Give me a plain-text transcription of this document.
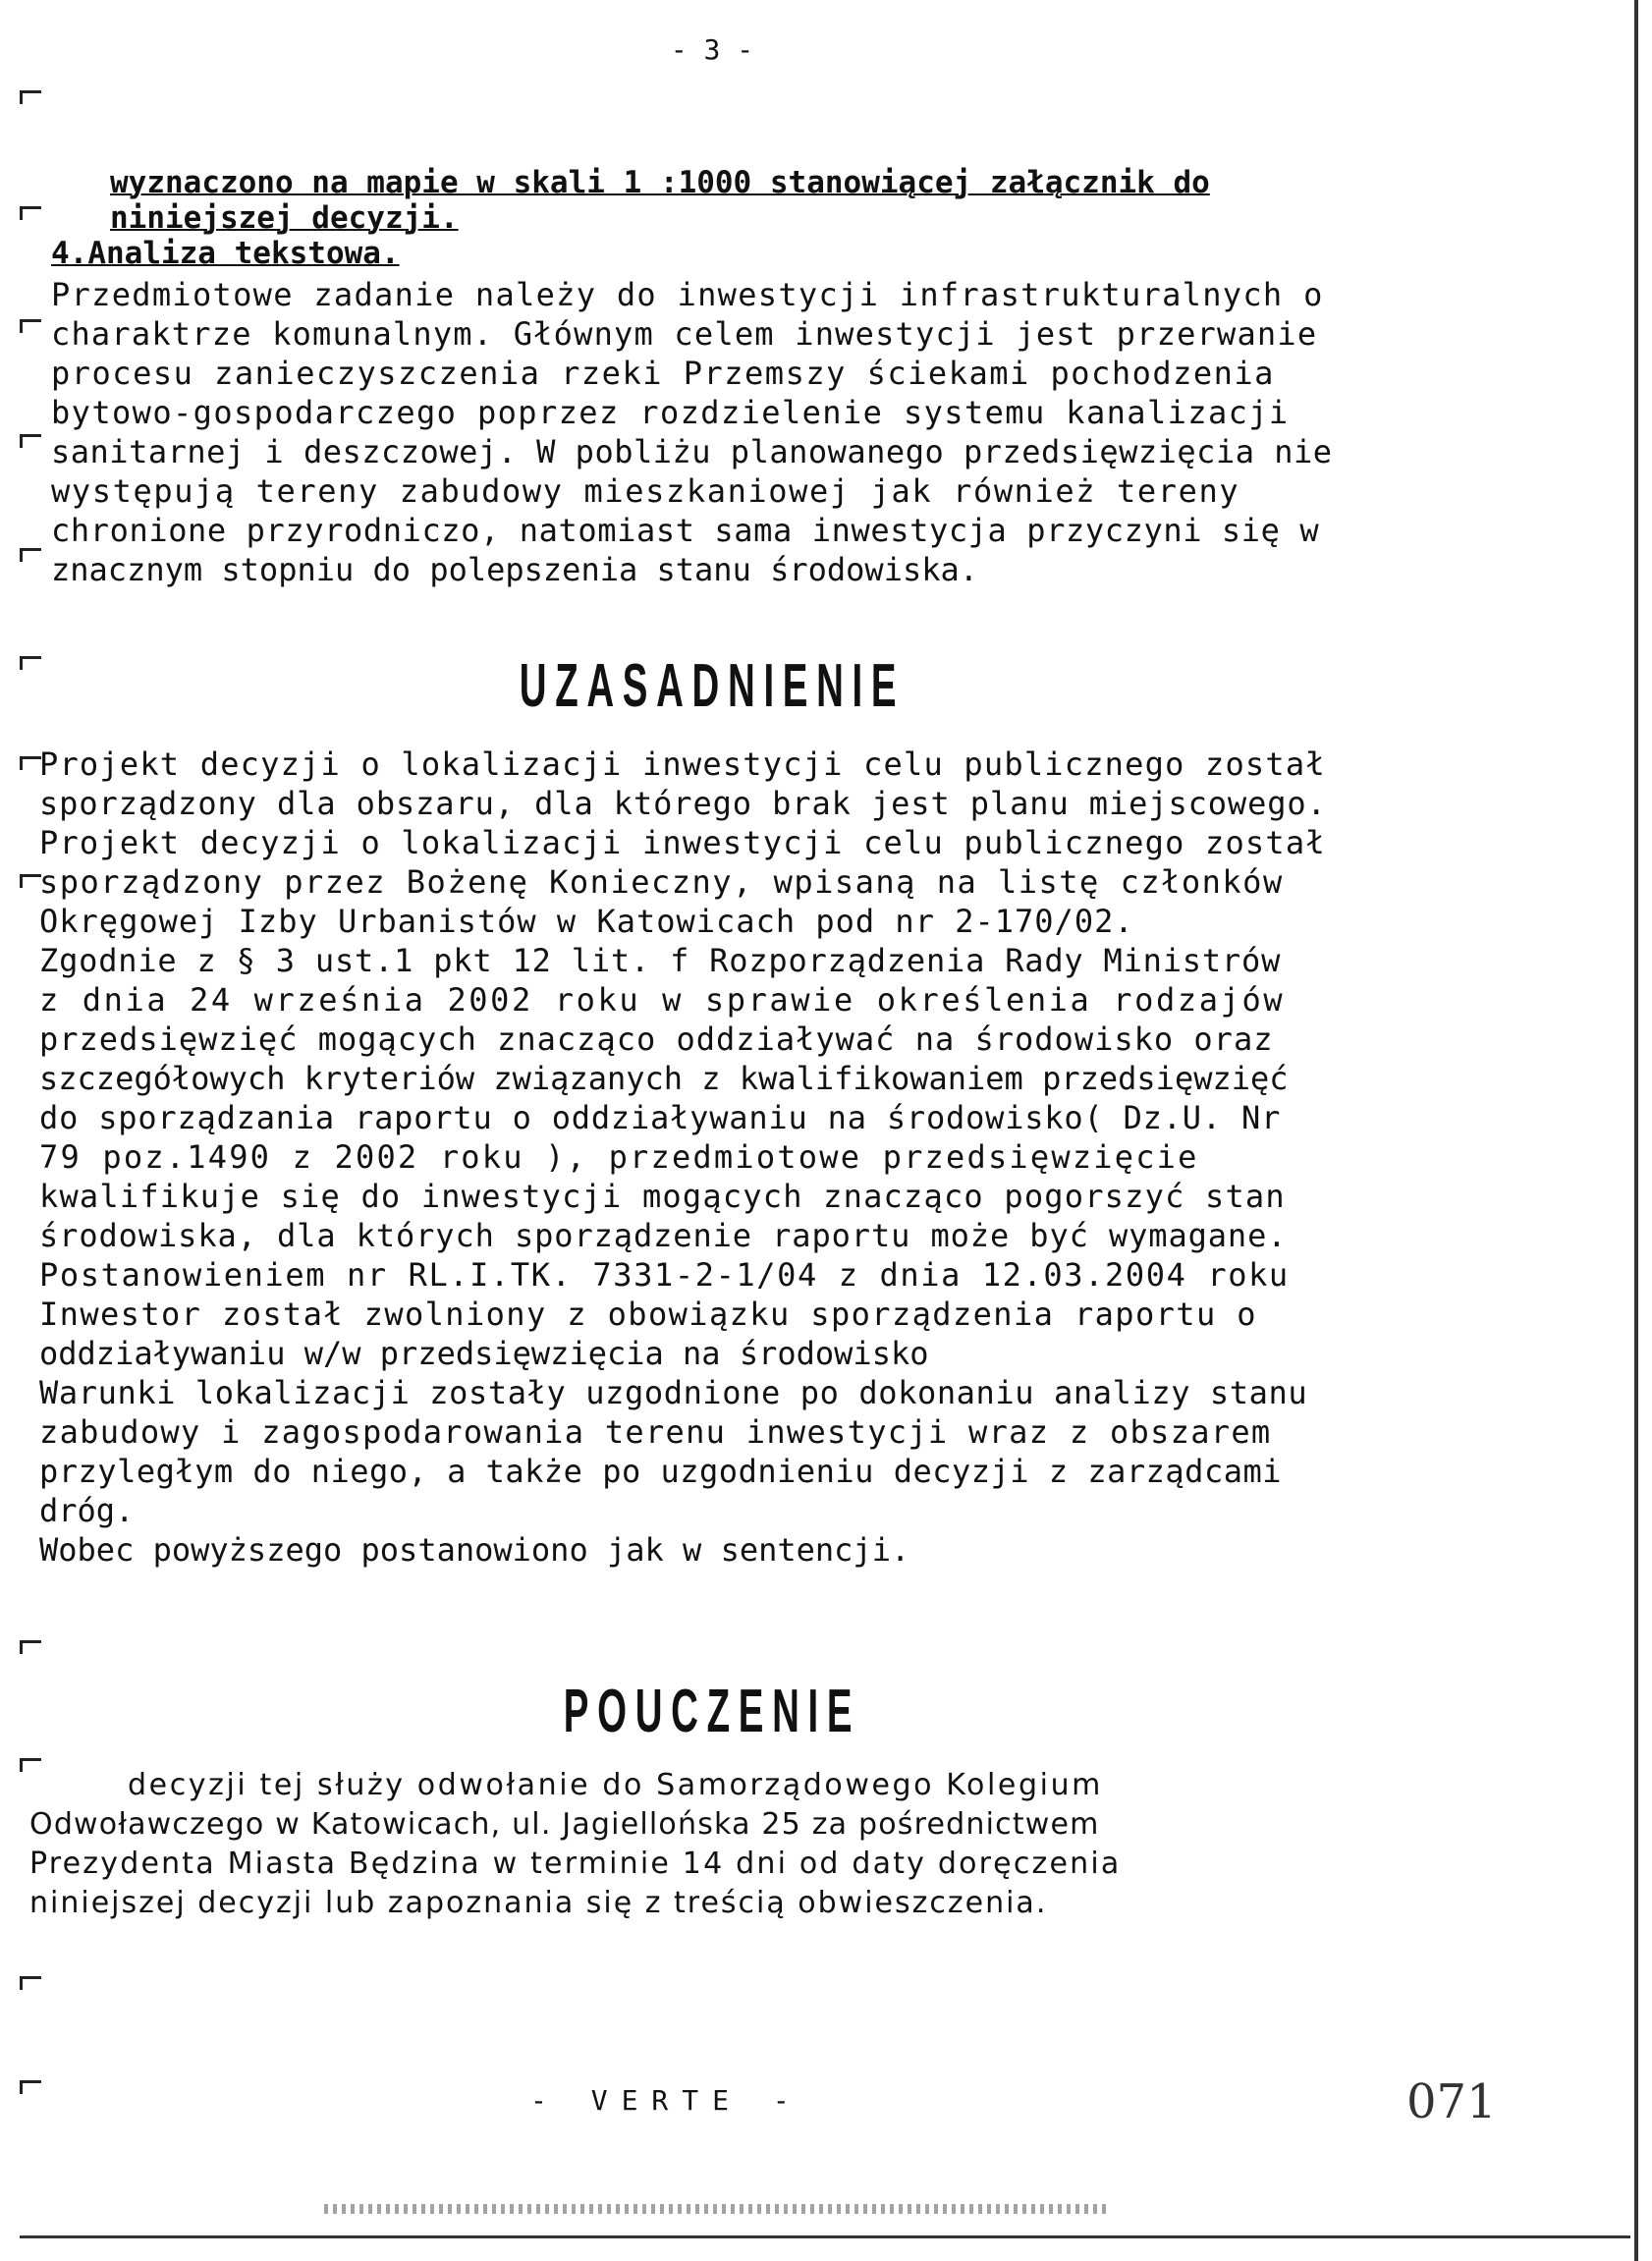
- 3 -
wyznaczono na mapie w skali 1 :1000 stanowiącej załącznik do
niniejszej decyzji.
4.Analiza tekstowa.
Przedmiotowe zadanie należy do inwestycji infrastrukturalnych o
charaktrze komunalnym. Głównym celem inwestycji jest przerwanie
procesu zanieczyszczenia rzeki Przemszy ściekami pochodzenia
bytowo-gospodarczego poprzez rozdzielenie systemu kanalizacji
sanitarnej i deszczowej. W pobliżu planowanego przedsięwzięcia nie
występują tereny zabudowy mieszkaniowej jak również tereny
chronione przyrodniczo, natomiast sama inwestycja przyczyni się w
znacznym stopniu do polepszenia stanu środowiska.
UZASADNIENIE
Projekt decyzji o lokalizacji inwestycji celu publicznego został
sporządzony dla obszaru, dla którego brak jest planu miejscowego.
Projekt decyzji o lokalizacji inwestycji celu publicznego został
sporządzony przez Bożenę Konieczny, wpisaną na listę członków
Okręgowej Izby Urbanistów w Katowicach pod nr 2-170/02.
Zgodnie z § 3 ust.1 pkt 12 lit. f Rozporządzenia Rady Ministrów
z dnia 24 września 2002 roku w sprawie określenia rodzajów
przedsięwzięć mogących znacząco oddziaływać na środowisko oraz
szczegółowych kryteriów związanych z kwalifikowaniem przedsięwzięć
do sporządzania raportu o oddziaływaniu na środowisko( Dz.U. Nr
79 poz.1490 z 2002 roku ), przedmiotowe przedsięwzięcie
kwalifikuje się do inwestycji mogących znacząco pogorszyć stan
środowiska, dla których sporządzenie raportu może być wymagane.
Postanowieniem nr RL.I.TK. 7331-2-1/04 z dnia 12.03.2004 roku
Inwestor został zwolniony z obowiązku sporządzenia raportu o
oddziaływaniu w/w przedsięwzięcia na środowisko
Warunki lokalizacji zostały uzgodnione po dokonaniu analizy stanu
zabudowy i zagospodarowania terenu inwestycji wraz z obszarem
przyległym do niego, a także po uzgodnieniu decyzji z zarządcami
dróg.
Wobec powyższego postanowiono jak w sentencji.
POUCZENIE
decyzji tej służy odwołanie do Samorządowego Kolegium
Odwoławczego w Katowicach, ul. Jagiellońska 25 za pośrednictwem
Prezydenta Miasta Będzina w terminie 14 dni od daty doręczenia
niniejszej decyzji lub zapoznania się z treścią obwieszczenia.
- VERTE -	071
